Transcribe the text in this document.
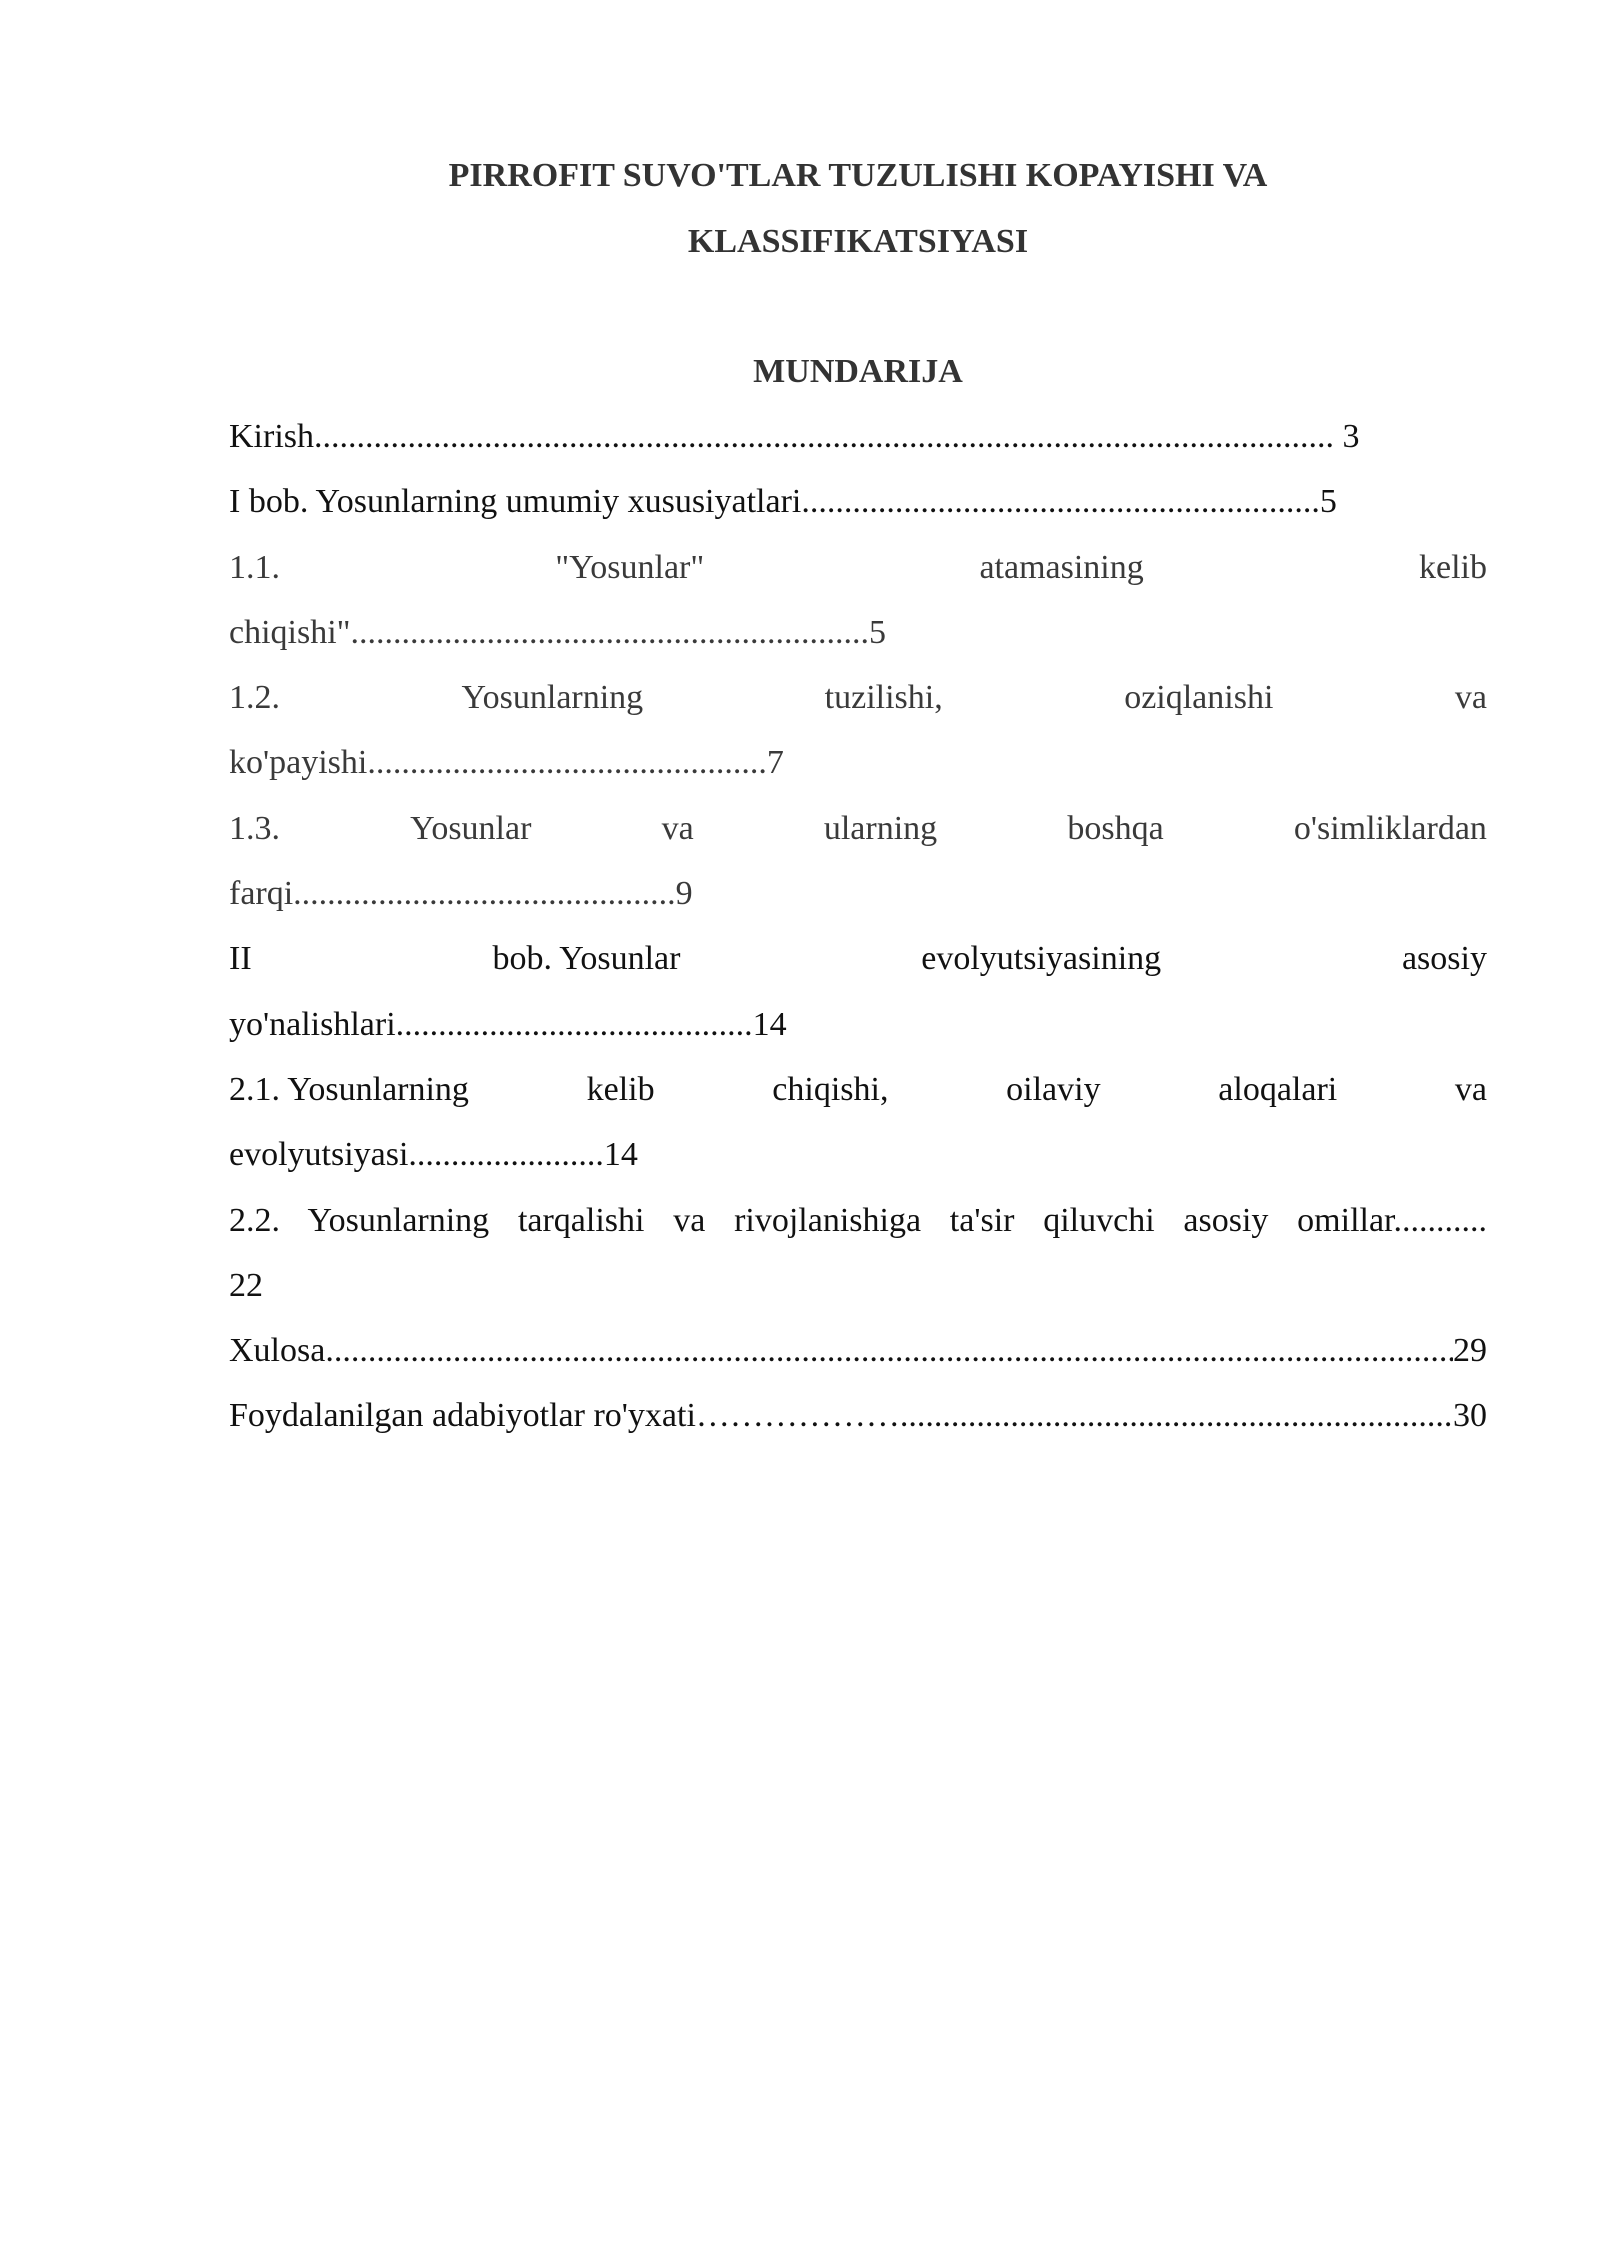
PIRROFIT SUVO'TLAR TUZULISHI KOPAYISHI VA
KLASSIFIKATSIYASI
MUNDARIJA
Kirish........................................................................................................................ 3
I bob. Yosunlarning umumiy xususiyatlari.............................................................5
1.1.	"Yosunlar"	atamasining	kelib
chiqishi".............................................................5
1.2.	Yosunlarning	tuzilishi,	oziqlanishi	va
ko'payishi...............................................7
1.3.	Yosunlar	va	ularning	boshqa	o'simliklardan
farqi.............................................9
II	bob. Yosunlar	evolyutsiyasining	asosiy
yo'nalishlari..........................................14
2.1. Yosunlarning	kelib	chiqishi,	oilaviy	aloqalari	va
evolyutsiyasi.......................14
2.2. Yosunlarning tarqalishi va rivojlanishiga ta'sir qiluvchi asosiy omillar...........
22
Xulosa .....	29
Foydalanilgan adabiyotlar ro'yxati……………… .....	30
